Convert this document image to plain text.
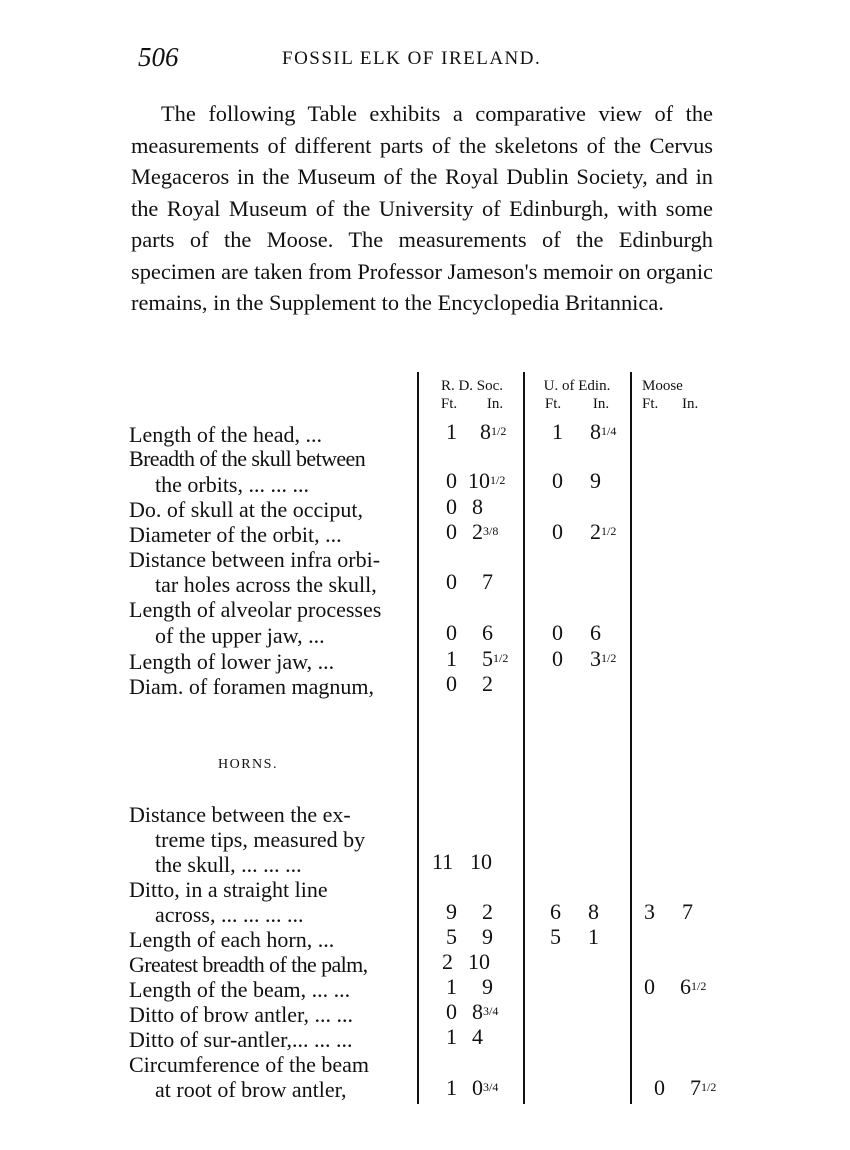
506	FOSSIL ELK OF IRELAND.

The following Table exhibits a comparative view of the measurements of different parts of the skeletons of the Cervus Megaceros in the Museum of the Royal Dublin Society, and in the Royal Museum of the University of Edinburgh, with some parts of the Moose. The measurements of the Edinburgh specimen are taken from Professor Jameson's memoir on organic remains, in the Supplement to the Encyclopedia Britannica.

R. D. Soc.
Ft. In.
U. of Edin.
Ft. In.
Moose
Ft. In.
Length of the head, ...
Breadth of the skull between
the orbits, ... ... ...
Do. of skull at the occiput,
Diameter of the orbit, ...
Distance between infra orbi-
tar holes across the skull,
Length of alveolar processes
of the upper jaw, ...
Length of lower jaw, ...
Diam. of foramen magnum,
HORNS.
Distance between the ex-
treme tips, measured by
the skull, ... ... ...
Ditto, in a straight line
across, ... ... ... ...
Length of each horn, ...
Greatest breadth of the palm,
Length of the beam, ... ...
Ditto of brow antler, ... ...
Ditto of sur-antler,... ... ...
Circumference of the beam
at root of brow antler,
1 81/2
0 101/2
0 8
0 23/8
0 7
0 6
1 51/2
0 2
11 10
9 2
5 9
2 10
1 9
0 83/4
1 4
1 03/4
1 81/4
0 9
0 21/2
0 6
0 31/2
6 8
5 1
3 7
0 61/2
0 71/2
